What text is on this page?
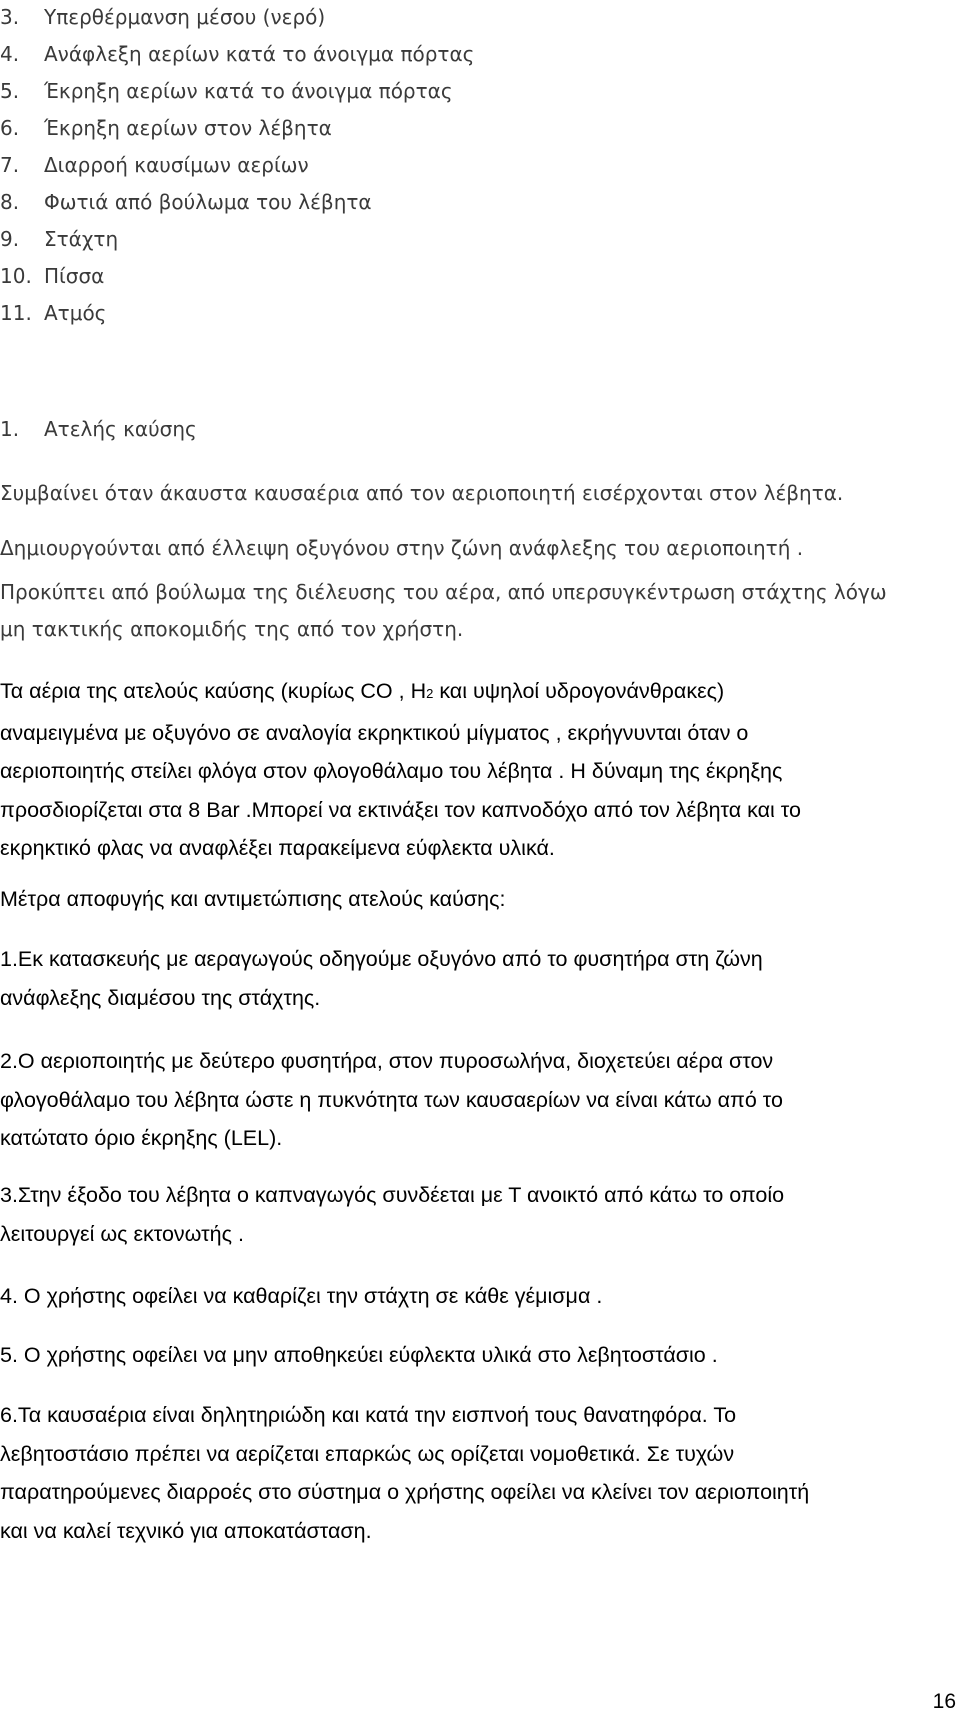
3. Υπερθέρμανση μέσου (νερό)
4. Ανάφλεξη αερίων κατά το άνοιγμα πόρτας
5. Έκρηξη αερίων κατά το άνοιγμα πόρτας
6. Έκρηξη αερίων στον λέβητα
7. Διαρροή καυσίμων αερίων
8. Φωτιά από βούλωμα του λέβητα
9. Στάχτη
10. Πίσσα
11. Ατμός
1. Ατελής καύσης
Συμβαίνει όταν άκαυστα καυσαέρια από τον αεριοποιητή εισέρχονται στον λέβητα.
Δημιουργούνται από έλλειψη οξυγόνου στην ζώνη ανάφλεξης του αεριοποιητή .
Προκύπτει από βούλωμα της διέλευσης του αέρα, από υπερσυγκέντρωση στάχτης λόγω
μη τακτικής αποκομιδής της από τον χρήστη.
Τα αέρια της ατελούς καύσης (κυρίως CO , H2 και υψηλοί υδρογονάνθρακες)
αναμειγμένα με οξυγόνο σε αναλογία εκρηκτικού μίγματος , εκρήγνυνται όταν ο
αεριοποιητής στείλει φλόγα στον φλογοθάλαμο του λέβητα . Η δύναμη της έκρηξης
προσδιορίζεται στα 8 Bar .Μπορεί να εκτινάξει τον καπνοδόχο από τον λέβητα και το
εκρηκτικό φλας να αναφλέξει παρακείμενα εύφλεκτα υλικά.
Μέτρα αποφυγής και αντιμετώπισης ατελούς καύσης:
1.Εκ κατασκευής με αεραγωγούς οδηγούμε οξυγόνο από το φυσητήρα στη ζώνη
ανάφλεξης διαμέσου της στάχτης.
2.Ο αεριοποιητής με δεύτερο φυσητήρα, στον πυροσωλήνα, διοχετεύει αέρα στον
φλογοθάλαμο του λέβητα ώστε η πυκνότητα των καυσαερίων να είναι κάτω από το
κατώτατο όριο έκρηξης (LEL).
3.Στην έξοδο του λέβητα ο καπναγωγός συνδέεται με Τ ανοικτό από κάτω το οποίο
λειτουργεί ως εκτονωτής .
4. Ο χρήστης οφείλει να καθαρίζει την στάχτη σε κάθε γέμισμα .
5. Ο χρήστης οφείλει να μην αποθηκεύει εύφλεκτα υλικά στο λεβητοστάσιο .
6.Τα καυσαέρια είναι δηλητηριώδη και κατά την εισπνοή τους θανατηφόρα. Το
λεβητοστάσιο πρέπει να αερίζεται επαρκώς ως ορίζεται νομοθετικά. Σε τυχών
παρατηρούμενες διαρροές στο σύστημα ο χρήστης οφείλει να κλείνει τον αεριοποιητή
και να καλεί τεχνικό για αποκατάσταση.
16
